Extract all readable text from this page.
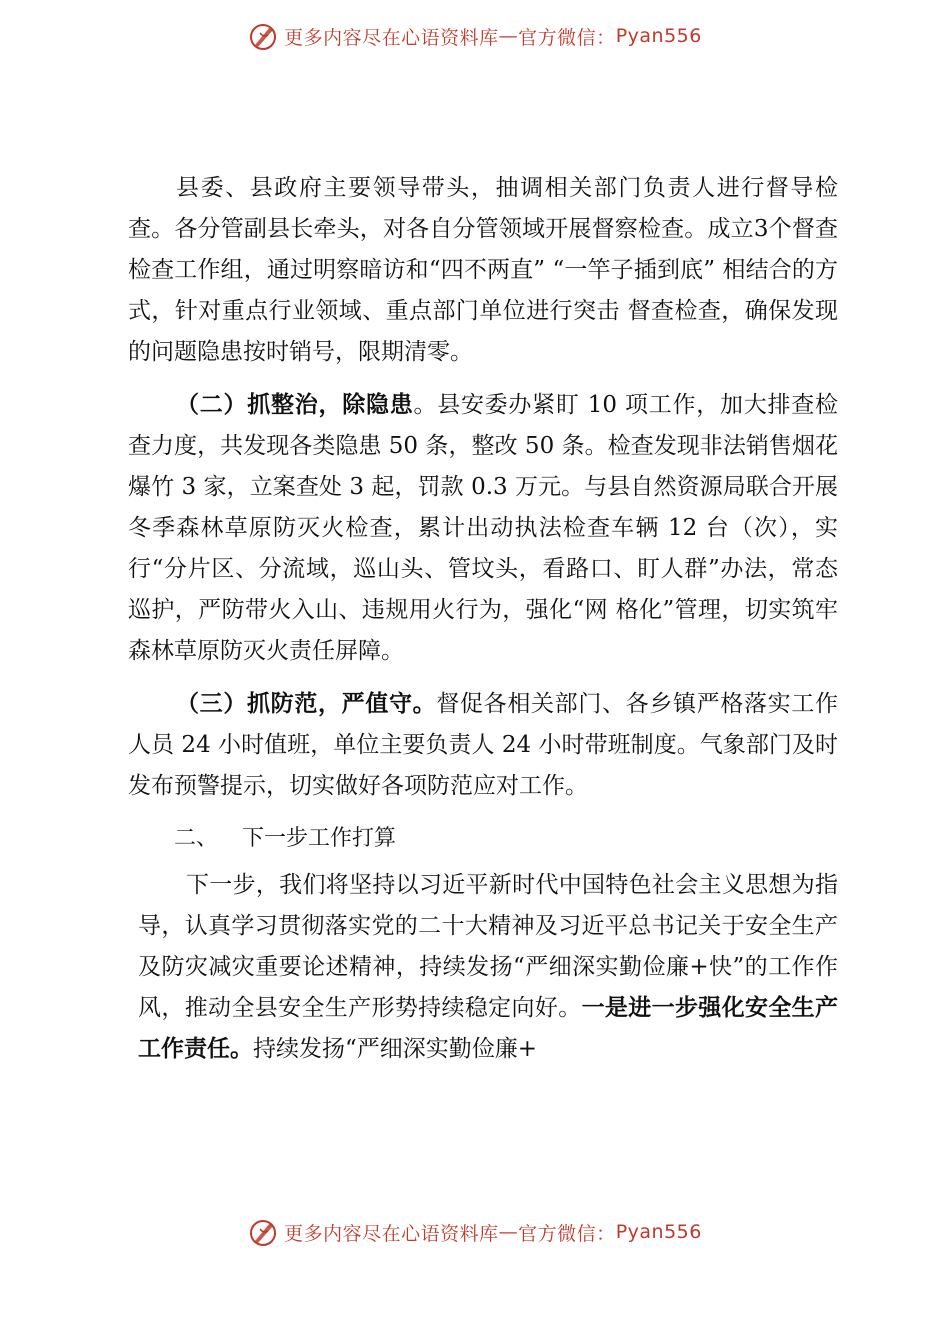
更多内容尽在心语资料库 — 官方微信： Pyan556

县委、县政府主要领导带头，抽调相关部门负责人进行督导检查。各分管副县长牵头，对各自分管领域开展督察检查。成立3个督查检查工作组，通过明察暗访和“四不两直” “一竿子插到底” 相结合的方式，针对重点行业领域、重点部门单位进行突击 督查检查，确保发现的问题隐患按时销号，限期清零。

（二）抓整治，除隐患。县安委办紧盯 10 项工作，加大排查检查力度，共发现各类隐患 50 条，整改 50 条。检查发现非法销售烟花爆竹 3 家，立案查处 3 起，罚款 0.3 万元。与县自然资源局联合开展冬季森林草原防灭火检查，累计出动执法检查车辆 12 台（次），实行“分片区、分流域，巡山头、管坟头，看路口、盯人群”办法，常态巡护，严防带火入山、违规用火行为，强化“网 格化”管理，切实筑牢森林草原防灭火责任屏障。

（三）抓防范，严值守。督促各相关部门、各乡镇严格落实工作人员 24 小时值班，单位主要负责人 24 小时带班制度。气象部门及时发布预警提示，切实做好各项防范应对工作。

二、 下一步工作打算

下一步，我们将坚持以习近平新时代中国特色社会主义思想为指导，认真学习贯彻落实党的二十大精神及习近平总书记关于安全生产及防灾减灾重要论述精神，持续发扬“严细深实勤俭廉+快”的工作作风，推动全县安全生产形势持续稳定向好。一是进一步强化安全生产工作责任。持续发扬“严细深实勤俭廉+

更多内容尽在心语资料库 — 官方微信： Pyan556
